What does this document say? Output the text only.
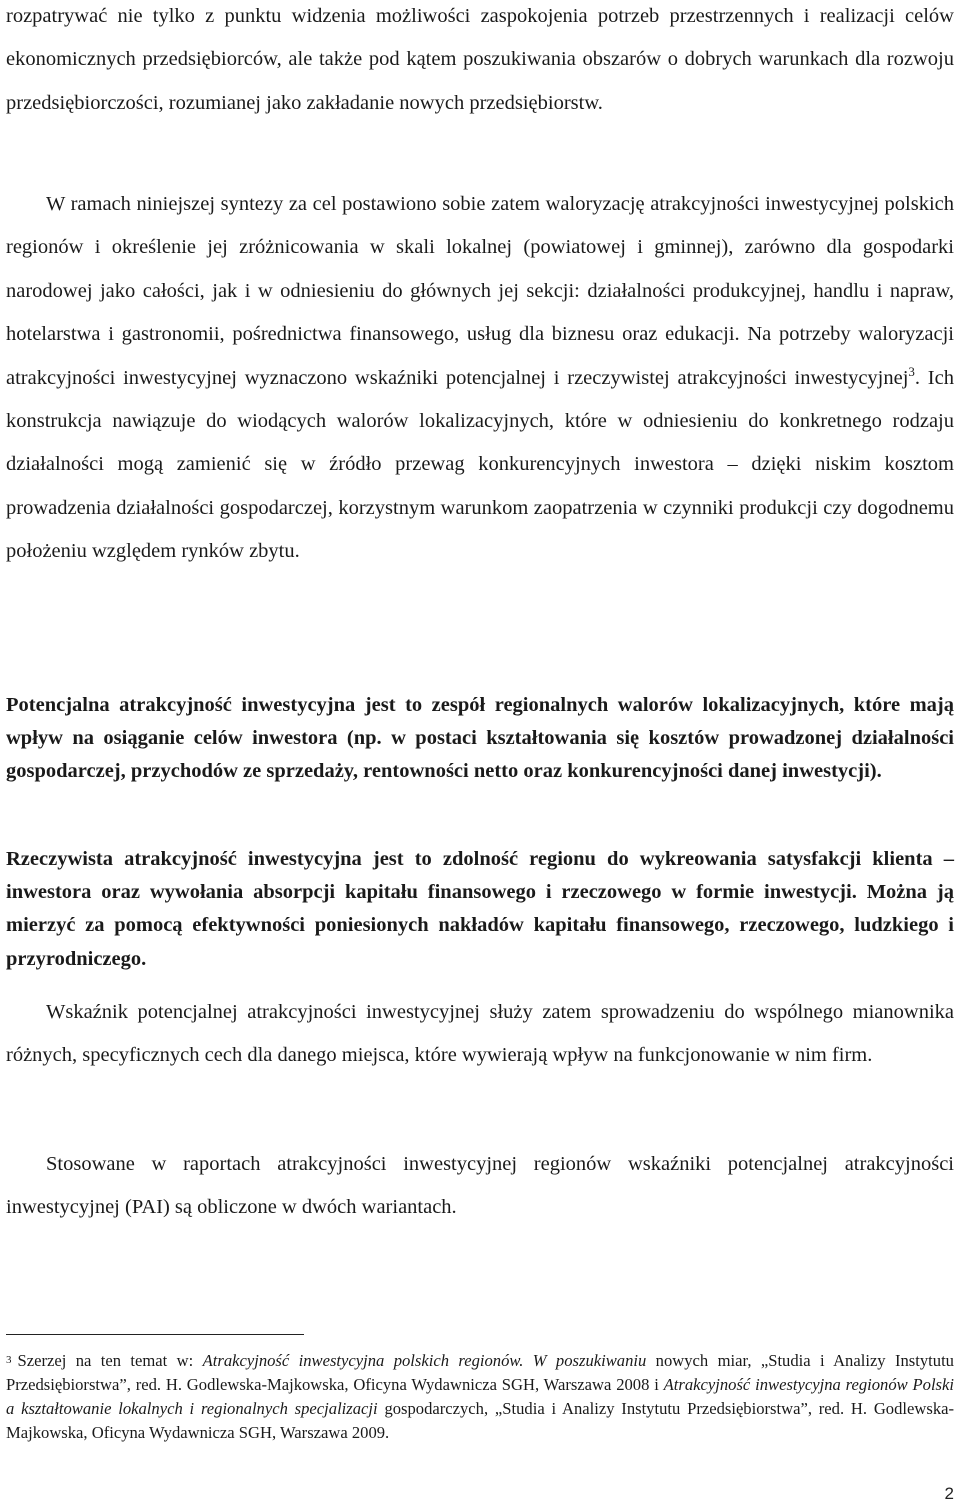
rozpatrywać nie tylko z punktu widzenia możliwości zaspokojenia potrzeb przestrzennych i realizacji celów ekonomicznych przedsiębiorców, ale także pod kątem poszukiwania obszarów o dobrych warunkach dla rozwoju przedsiębiorczości, rozumianej jako zakładanie nowych przedsiębiorstw.

W ramach niniejszej syntezy za cel postawiono sobie zatem waloryzację atrakcyjności inwestycyjnej polskich regionów i określenie jej zróżnicowania w skali lokalnej (powiatowej i gminnej), zarówno dla gospodarki narodowej jako całości, jak i w odniesieniu do głównych jej sekcji: działalności produkcyjnej, handlu i napraw, hotelarstwa i gastronomii, pośrednictwa finansowego, usług dla biznesu oraz edukacji. Na potrzeby waloryzacji atrakcyjności inwestycyjnej wyznaczono wskaźniki potencjalnej i rzeczywistej atrakcyjności inwestycyjnej$^3$. Ich konstrukcja nawiązuje do wiodących walorów lokalizacyjnych, które w odniesieniu do konkretnego rodzaju działalności mogą zamienić się w źródło przewag konkurencyjnych inwestora – dzięki niskim kosztom prowadzenia działalności gospodarczej, korzystnym warunkom zaopatrzenia w czynniki produkcji czy dogodnemu położeniu względem rynków zbytu.

Potencjalna atrakcyjność inwestycyjna jest to zespół regionalnych walorów lokalizacyjnych, które mają wpływ na osiąganie celów inwestora (np. w postaci kształtowania się kosztów prowadzonej działalności gospodarczej, przychodów ze sprzedaży, rentowności netto oraz konkurencyjności danej inwestycji).

Rzeczywista atrakcyjność inwestycyjna jest to zdolność regionu do wykreowania satysfakcji klienta – inwestora oraz wywołania absorpcji kapitału finansowego i rzeczowego w formie inwestycji. Można ją mierzyć za pomocą efektywności poniesionych nakładów kapitału finansowego, rzeczowego, ludzkiego i przyrodniczego.

Wskaźnik potencjalnej atrakcyjności inwestycyjnej służy zatem sprowadzeniu do wspólnego mianownika różnych, specyficznych cech dla danego miejsca, które wywierają wpływ na funkcjonowanie w nim firm.

Stosowane w raportach atrakcyjności inwestycyjnej regionów wskaźniki potencjalnej atrakcyjności inwestycyjnej (PAI) są obliczone w dwóch wariantach.

$^3$ Szerzej na ten temat w: Atrakcyjność inwestycyjna polskich regionów. W poszukiwaniu nowych miar, „Studia i Analizy Instytutu Przedsiębiorstwa”, red. H. Godlewska-Majkowska, Oficyna Wydawnicza SGH, Warszawa 2008 i Atrakcyjność inwestycyjna regionów Polski a kształtowanie lokalnych i regionalnych specjalizacji gospodarczych, „Studia i Analizy Instytutu Przedsiębiorstwa”, red. H. Godlewska-Majkowska, Oficyna Wydawnicza SGH, Warszawa 2009.

2
